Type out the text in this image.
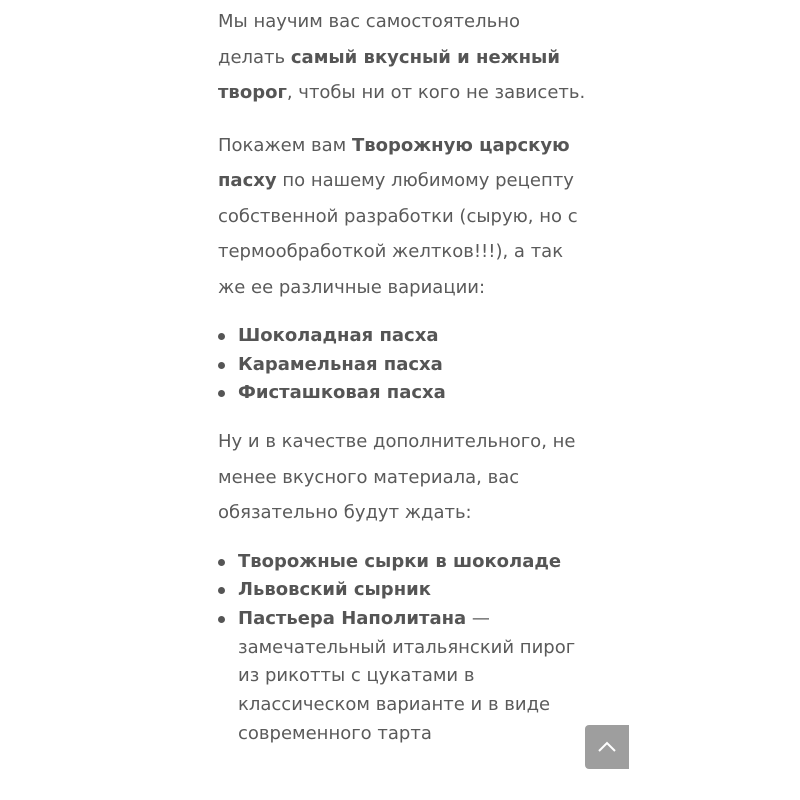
Мы научим вас самостоятельно делать самый вкусный и нежный творог, чтобы ни от кого не зависеть.

Покажем вам Творожную царскую пасху по нашему любимому рецепту собственной разработки (сырую, но с термообработкой желтков!!!), а так же ее различные вариации:

Шоколадная пасха
Карамельная пасха
Фисташковая пасха

Ну и в качестве дополнительного, не менее вкусного материала, вас обязательно будут ждать:

Творожные сырки в шоколаде
Львовский сырник
Пастьера Наполитана — замечательный итальянский пирог из рикотты с цукатами в классическом варианте и в виде современного тарта
